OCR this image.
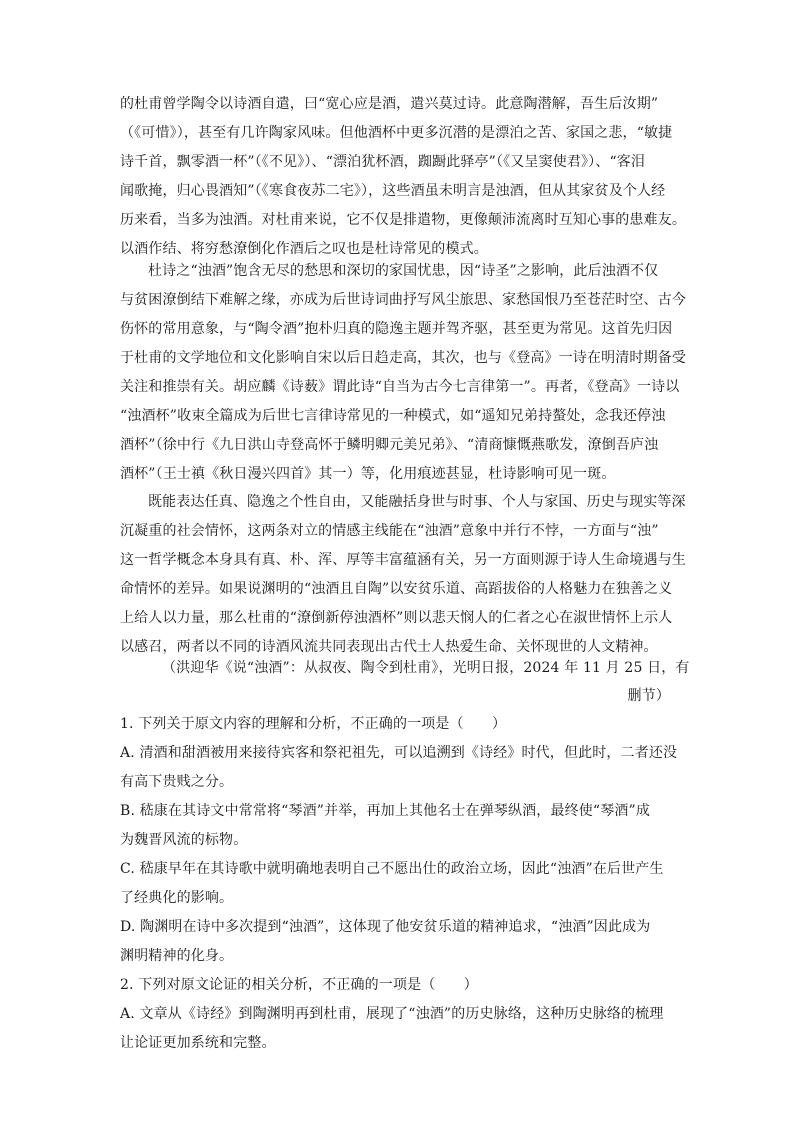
的杜甫曾学陶令以诗酒自遣，曰“宽心应是酒，遣兴莫过诗。此意陶潜解，吾生后汝期”
（《可惜》），甚至有几许陶家风味。但他酒杯中更多沉潜的是漂泊之苦、家国之悲，“敏捷
诗千首，飘零酒一杯”（《不见》）、“漂泊犹杯酒，踟蹰此驿亭”（《又呈窦使君》）、“客泪
闻歌掩，归心畏酒知”（《寒食夜苏二宅》），这些酒虽未明言是浊酒，但从其家贫及个人经
历来看，当多为浊酒。对杜甫来说，它不仅是排遣物，更像颠沛流离时互知心事的患难友。
以酒作结、将穷愁潦倒化作酒后之叹也是杜诗常见的模式。
杜诗之“浊酒”饱含无尽的愁思和深切的家国忧患，因“诗圣”之影响，此后浊酒不仅
与贫困潦倒结下难解之缘，亦成为后世诗词曲抒写风尘旅思、家愁国恨乃至苍茫时空、古今
伤怀的常用意象，与“陶令酒”抱朴归真的隐逸主题并驾齐驱，甚至更为常见。这首先归因
于杜甫的文学地位和文化影响自宋以后日趋走高，其次，也与《登高》一诗在明清时期备受
关注和推崇有关。胡应麟《诗薮》谓此诗“自当为古今七言律第一”。再者，《登高》一诗以
“浊酒杯”收束全篇成为后世七言律诗常见的一种模式，如“遥知兄弟持螯处，念我还停浊
酒杯”（徐中行《九日洪山寺登高怀于鳞明卿元美兄弟》、“清商慷慨燕歌发，潦倒吾庐浊
酒杯”（王士禛《秋日漫兴四首》其一）等，化用痕迹甚显，杜诗影响可见一斑。
既能表达任真、隐逸之个性自由，又能融括身世与时事、个人与家国、历史与现实等深
沉凝重的社会情怀，这两条对立的情感主线能在“浊酒”意象中并行不悖，一方面与“浊”
这一哲学概念本身具有真、朴、浑、厚等丰富蕴涵有关，另一方面则源于诗人生命境遇与生
命情怀的差异。如果说渊明的“浊酒且自陶”以安贫乐道、高蹈拔俗的人格魅力在独善之义
上给人以力量，那么杜甫的“潦倒新停浊酒杯”则以悲天悯人的仁者之心在淑世情怀上示人
以感召，两者以不同的诗酒风流共同表现出古代士人热爱生命、关怀现世的人文精神。
（洪迎华《说“浊酒”：从叔夜、陶令到杜甫》，光明日报，2024 年 11 月 25 日，有
删节）
1. 下列关于原文内容的理解和分析，不正确的一项是（　　）
A. 清酒和甜酒被用来接待宾客和祭祀祖先，可以追溯到《诗经》时代，但此时，二者还没
有高下贵贱之分。
B. 嵇康在其诗文中常常将“琴酒”并举，再加上其他名士在弹琴纵酒，最终使“琴酒”成
为魏晋风流的标物。
C. 嵇康早年在其诗歌中就明确地表明自己不愿出仕的政治立场，因此“浊酒”在后世产生
了经典化的影响。
D. 陶渊明在诗中多次提到“浊酒”，这体现了他安贫乐道的精神追求，“浊酒”因此成为
渊明精神的化身。
2. 下列对原文论证的相关分析，不正确的一项是（　　）
A. 文章从《诗经》到陶渊明再到杜甫，展现了“浊酒”的历史脉络，这种历史脉络的梳理
让论证更加系统和完整。
